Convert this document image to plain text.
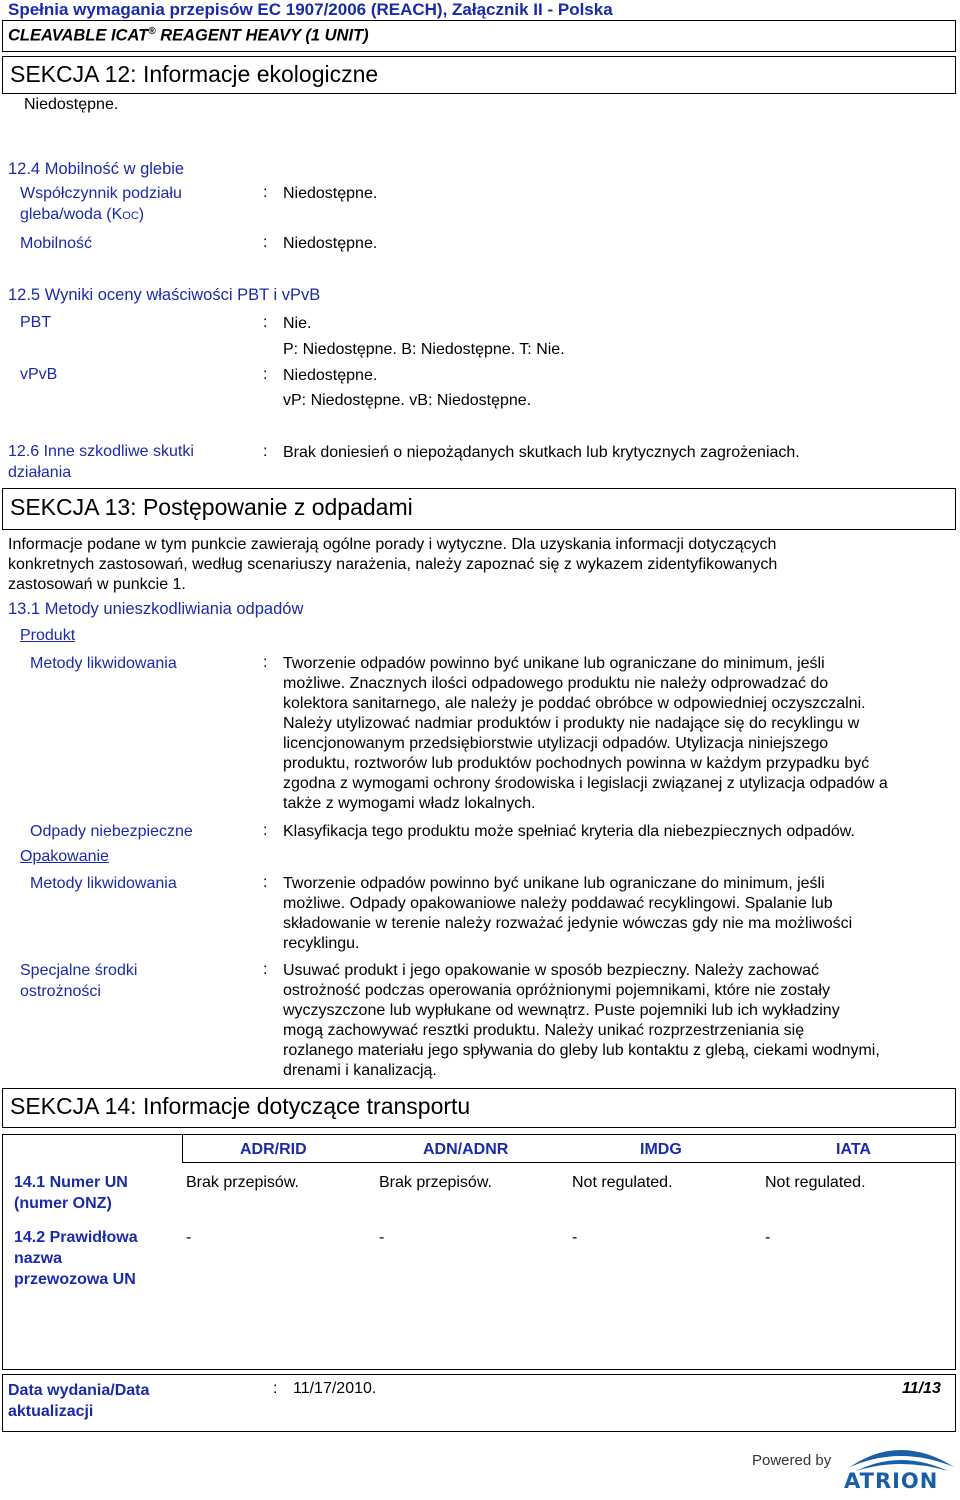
Spełnia wymagania przepisów EC 1907/2006 (REACH), Załącznik II - Polska
CLEAVABLE ICAT® REAGENT HEAVY (1 UNIT)
SEKCJA 12: Informacje ekologiczne
Niedostępne.
12.4 Mobilność w glebie
Współczynnik podziału
gleba/woda (KOC)
: Niedostępne.
Mobilność	: Niedostępne.
12.5 Wyniki oceny właściwości PBT i vPvB
PBT	: Nie.
P: Niedostępne. B: Niedostępne. T: Nie.
vPvB	: Niedostępne.
vP: Niedostępne. vB: Niedostępne.
12.6 Inne szkodliwe skutki
działania
: Brak doniesień o niepożądanych skutkach lub krytycznych zagrożeniach.
SEKCJA 13: Postępowanie z odpadami
Informacje podane w tym punkcie zawierają ogólne porady i wytyczne. Dla uzyskania informacji dotyczących
konkretnych zastosowań, według scenariuszy narażenia, należy zapoznać się z wykazem zidentyfikowanych
zastosowań w punkcie 1.
13.1 Metody unieszkodliwiania odpadów
Produkt
Metody likwidowania	: Tworzenie odpadów powinno być unikane lub ograniczane do minimum, jeśli
możliwe. Znacznych ilości odpadowego produktu nie należy odprowadzać do
kolektora sanitarnego, ale należy je poddać obróbce w odpowiedniej oczyszczalni.
Należy utylizować nadmiar produktów i produkty nie nadające się do recyklingu w
licencjonowanym przedsiębiorstwie utylizacji odpadów. Utylizacja niniejszego
produktu, roztworów lub produktów pochodnych powinna w każdym przypadku być
zgodna z wymogami ochrony środowiska i legislacji związanej z utylizacja odpadów a
także z wymogami władz lokalnych.
Odpady niebezpieczne	: Klasyfikacja tego produktu może spełniać kryteria dla niebezpiecznych odpadów.
Opakowanie
Metody likwidowania	: Tworzenie odpadów powinno być unikane lub ograniczane do minimum, jeśli
możliwe. Odpady opakowaniowe należy poddawać recyklingowi. Spalanie lub
składowanie w terenie należy rozważać jedynie wówczas gdy nie ma możliwości
recyklingu.
Specjalne środki
ostrożności
: Usuwać produkt i jego opakowanie w sposób bezpieczny. Należy zachować
ostrożność podczas operowania opróżnionymi pojemnikami, które nie zostały
wyczyszczone lub wypłukane od wewnątrz. Puste pojemniki lub ich wykładziny
mogą zachowywać resztki produktu. Należy unikać rozprzestrzeniania się
rozlanego materiału jego spływania do gleby lub kontaktu z glebą, ciekami wodnymi,
drenami i kanalizacją.
SEKCJA 14: Informacje dotyczące transportu
ADR/RID	ADN/ADNR	IMDG	IATA
14.1 Numer UN
(numer ONZ)
Brak przepisów.	Brak przepisów.	Not regulated.	Not regulated.
14.2 Prawidłowa
nazwa
przewozowa UN
-	-	-	-
Data wydania/Data
aktualizacji
: 11/17/2010.	11/13
Powered by
ATRION
